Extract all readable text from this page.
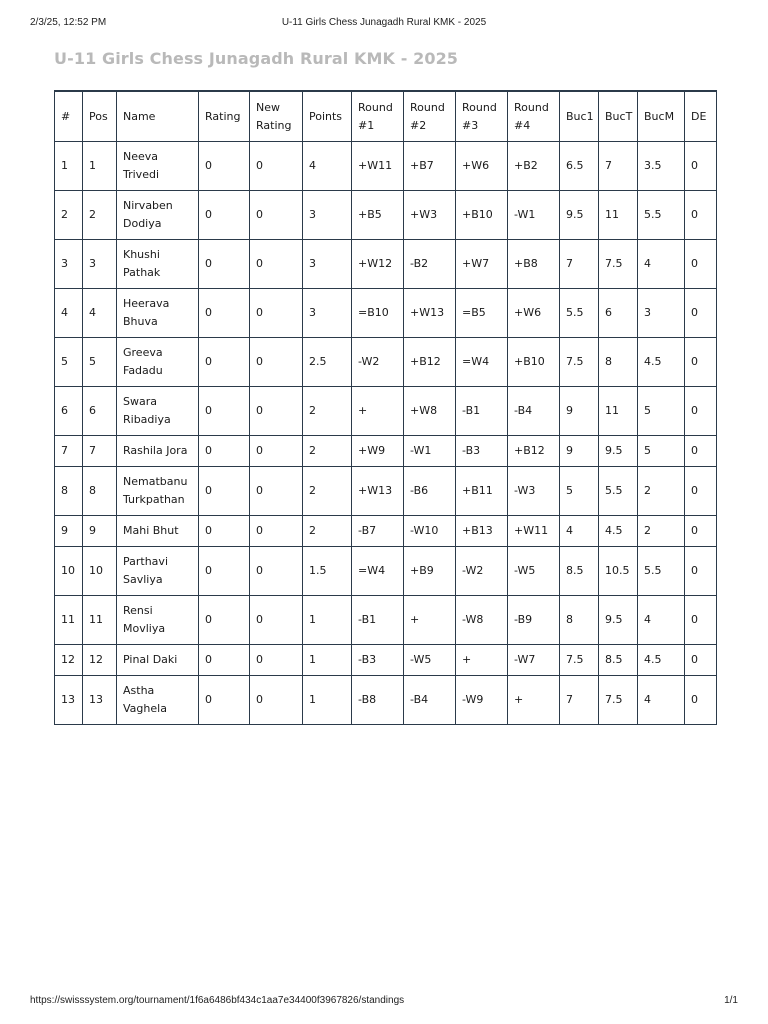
2/3/25, 12:52 PM	U-11 Girls Chess Junagadh Rural KMK - 2025
U-11 Girls Chess Junagadh Rural KMK - 2025
#	Pos	Name	Rating	New Rating	Points	Round #1	Round #2	Round #3	Round #4	Buc1	BucT	BucM	DE
1	1	Neeva Trivedi	0	0	4	+W11	+B7	+W6	+B2	6.5	7	3.5	0
2	2	Nirvaben Dodiya	0	0	3	+B5	+W3	+B10	-W1	9.5	11	5.5	0
3	3	Khushi Pathak	0	0	3	+W12	-B2	+W7	+B8	7	7.5	4	0
4	4	Heerava Bhuva	0	0	3	=B10	+W13	=B5	+W6	5.5	6	3	0
5	5	Greeva Fadadu	0	0	2.5	-W2	+B12	=W4	+B10	7.5	8	4.5	0
6	6	Swara Ribadiya	0	0	2	+	+W8	-B1	-B4	9	11	5	0
7	7	Rashila Jora	0	0	2	+W9	-W1	-B3	+B12	9	9.5	5	0
8	8	Nematbanu Turkpathan	0	0	2	+W13	-B6	+B11	-W3	5	5.5	2	0
9	9	Mahi Bhut	0	0	2	-B7	-W10	+B13	+W11	4	4.5	2	0
10	10	Parthavi Savliya	0	0	1.5	=W4	+B9	-W2	-W5	8.5	10.5	5.5	0
11	11	Rensi Movliya	0	0	1	-B1	+	-W8	-B9	8	9.5	4	0
12	12	Pinal Daki	0	0	1	-B3	-W5	+	-W7	7.5	8.5	4.5	0
13	13	Astha Vaghela	0	0	1	-B8	-B4	-W9	+	7	7.5	4	0
https://swisssystem.org/tournament/1f6a6486bf434c1aa7e34400f3967826/standings	1/1
